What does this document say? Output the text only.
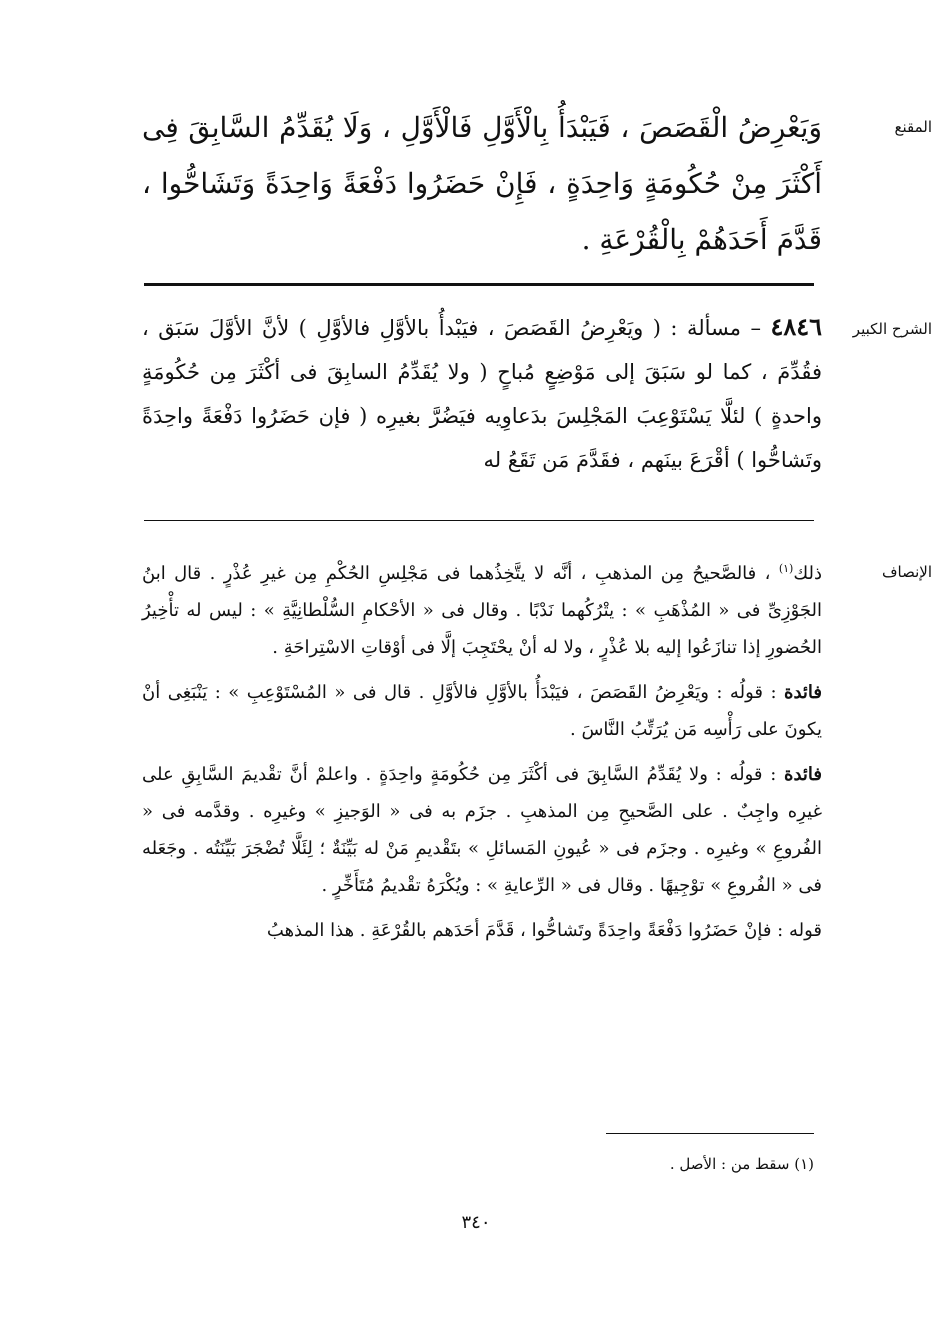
المقنع
وَيَعْرِضُ الْقَصَصَ ، فَيَبْدَأُ بِالْأَوَّلِ فَالْأَوَّلِ ، وَلَا يُقَدِّمُ السَّابِقَ فِى أَكْثَرَ مِنْ حُكُومَةٍ وَاحِدَةٍ ، فَإِنْ حَضَرُوا دَفْعَةً وَاحِدَةً وَتَشَاحُّوا ، قَدَّمَ أَحَدَهُمْ بِالْقُرْعَةِ .
الشرح الكبير
٤٨٤٦ – مسألة : ( ويَعْرِضُ القَصَصَ ، فيَبْدأُ بالأوَّلِ فالأوَّلِ ) لأنَّ الأوَّلَ سَبَق ، فقُدِّمَ ، كما لو سَبَقَ إلى مَوْضِعٍ مُباحٍ ( ولا يُقَدِّمُ السابِقَ فى أكْثَرَ مِن حُكُومَةٍ واحدةٍ ) لئلَّا يَسْتَوْعِبَ المَجْلِسَ بدَعاوِيه فيَضُرَّ بغيرِه ( فإن حَضَرُوا دَفْعَةً واحِدَةً وتَشاحُّوا ) أقْرَعَ بينَهم ، فقَدَّمَ مَن تَقَعُ له
الإنصاف

ذلك$^{(١)}$ ، فالصَّحيحُ مِن المذهبِ ، أنَّه لا يتَّخِذُهما فى مَجْلِسِ الحُكْمِ مِن غيرِ عُذْرٍ . قال ابنُ الجَوْزِىِّ فى « المُذْهَبِ » : يتْرُكُهما نَدْبًا . وقال فى « الأحْكامِ السُّلْطانِيَّةِ » : ليس له تأْخِيرُ الحُضورِ إذا تنازَعُوا إليه بلا عُذْرٍ ، ولا له أنْ يحْتَجِبَ إلَّا فى أوْقاتِ الاسْتِراحَةِ .

فائدة : قولُه : ويَعْرِضُ القَصَصَ ، فيَبْدَأُ بالأوَّلِ فالأوَّلِ . قال فى « المُسْتَوْعِبِ » : يَنْبَغِى أنْ يكونَ على رَأْسِه مَن يُرَتِّبُ النَّاسَ .

فائدة : قولُه : ولا يُقَدِّمُ السَّابِقَ فى أكْثَرَ مِن حُكُومَةٍ واحِدَةٍ . واعلمْ أنَّ تقْديمَ السَّابِقِ على غيرِه واجِبٌ . على الصَّحيحِ مِن المذهبِ . جزَم به فى « الوَجيزِ » وغيرِه . وقدَّمه فى « الفُروعِ » وغيرِه . وجزَم فى « عُيونِ المَسائلِ » بتَقْديمِ مَنْ له بَيِّنَةٌ ؛ لِئَلَّا تُضْجَرَ بَيِّنَتُه . وجَعَله فى « الفُروعِ » توْجِيهًا . وقال فى « الرِّعايةِ » : ويُكْرَهُ تقْديمُ مُتَأَخِّرٍ .

قوله : فإنْ حَضَرُوا دَفْعَةً واحِدَةً وتَشاحُّوا ، قَدَّمَ أحَدَهم بالقُرْعَةِ . هذا المذهبُ

(١) سقط من : الأصل .
٣٤٠
